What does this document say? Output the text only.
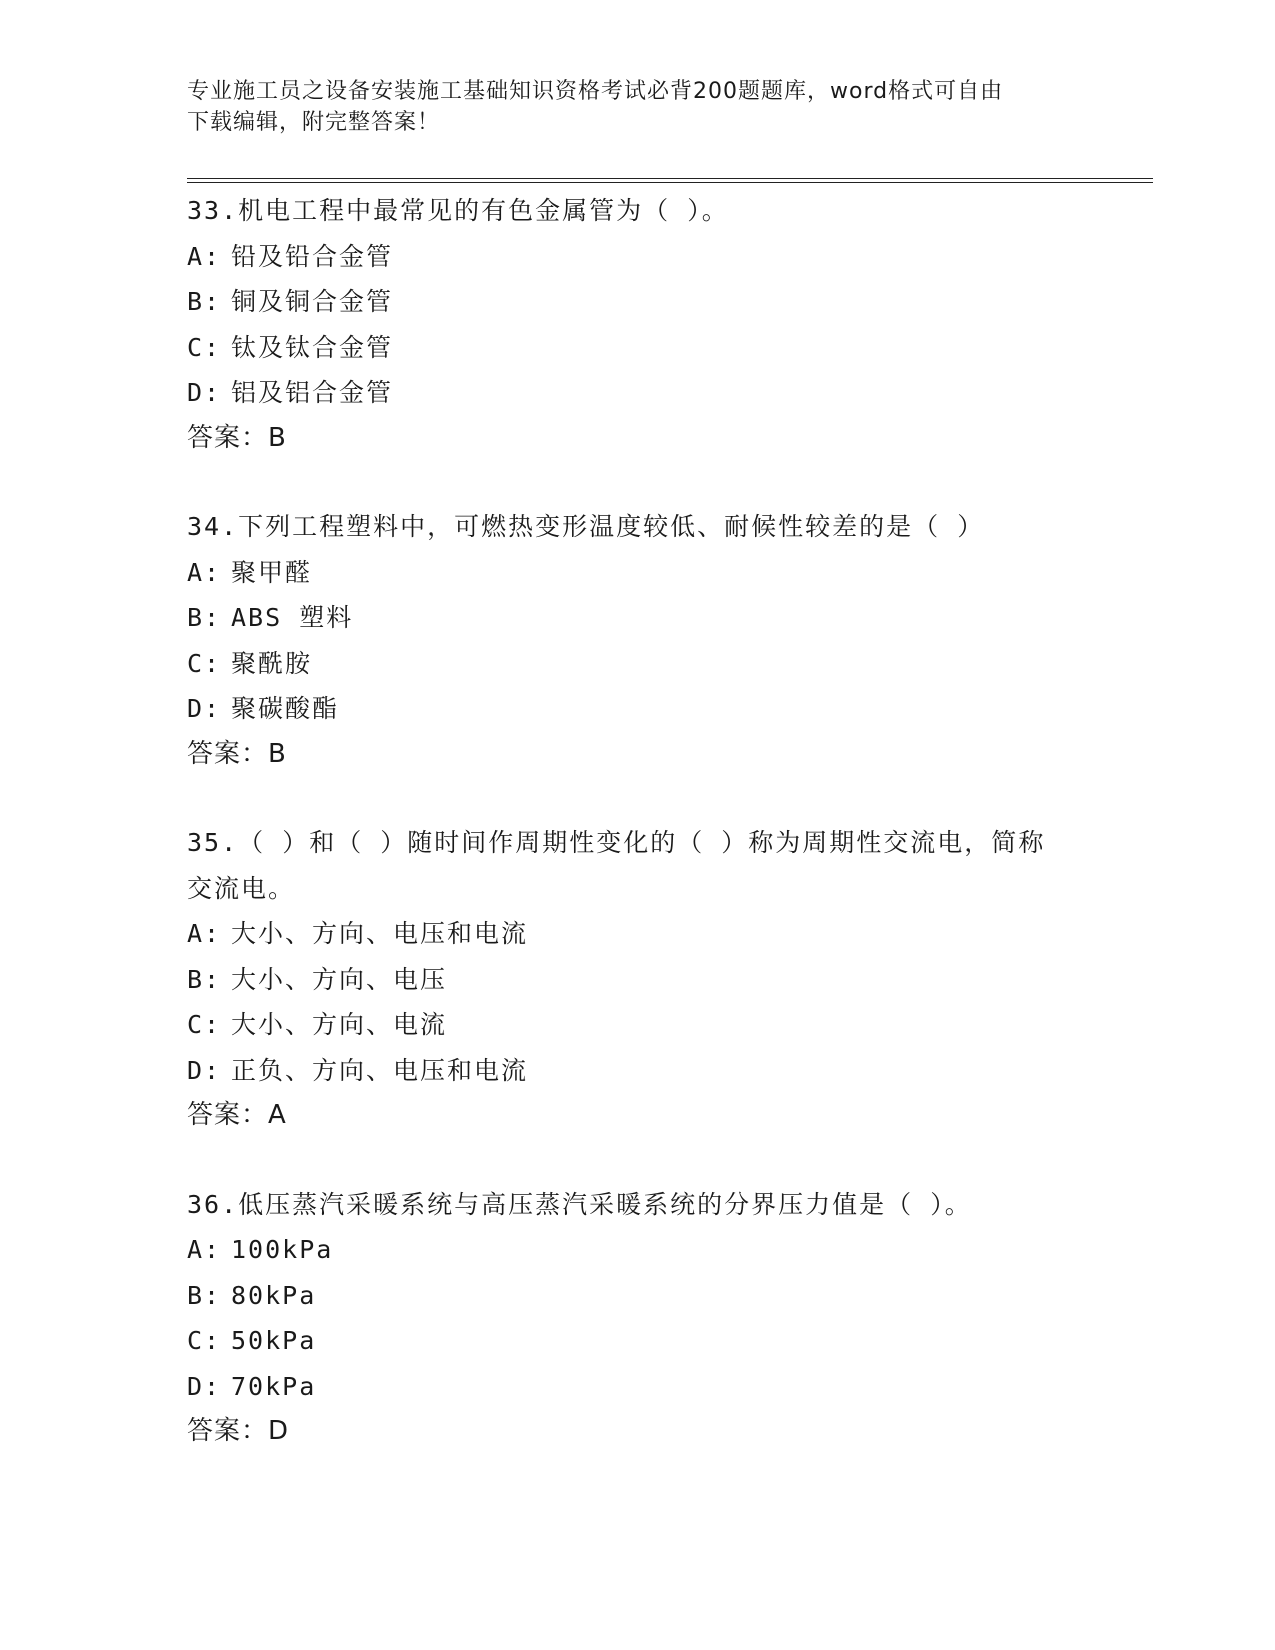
专业施工员之设备安装施工基础知识资格考试必背200题题库，word格式可自由
下载编辑，附完整答案！
33.机电工程中最常见的有色金属管为（ ）。
A: 铅及铅合金管
B: 铜及铜合金管
C: 钛及钛合金管
D: 铝及铝合金管
答案：B
34.下列工程塑料中，可燃热变形温度较低、耐候性较差的是（ ）
A: 聚甲醛
B: ABS 塑料
C: 聚酰胺
D: 聚碳酸酯
答案：B
35.（ ）和（ ）随时间作周期性变化的（ ）称为周期性交流电，简称交流电。
A: 大小、方向、电压和电流
B: 大小、方向、电压
C: 大小、方向、电流
D: 正负、方向、电压和电流
答案：A
36.低压蒸汽采暖系统与高压蒸汽采暖系统的分界压力值是（ ）。
A: 100kPa
B: 80kPa
C: 50kPa
D: 70kPa
答案：D
